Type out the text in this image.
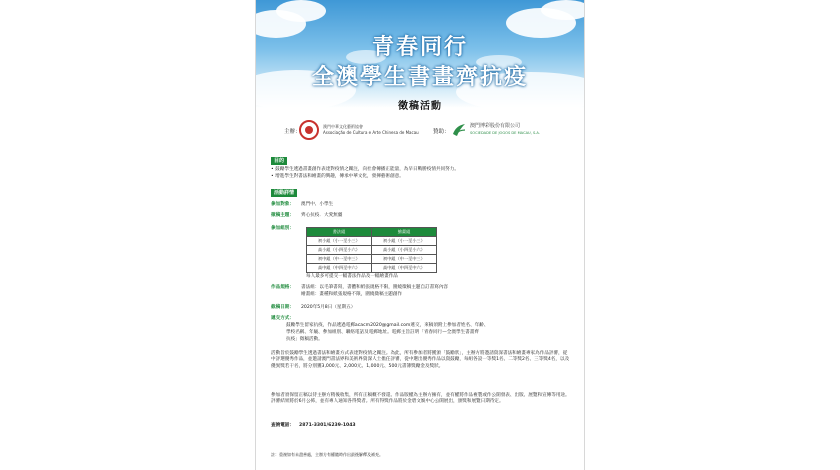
青春同行
全澳學生書畫齊抗疫
徵稿活動
主辦：
澳門中華文化藝術協會
Associação de Cultura e Arte Chinesa de Macau	贊助：
澳門博彩股份有限公司
SOCIEDADE DE JOGOS DE MACAU, S.A.
目的
• 鼓勵學生透過書畫創作表達對疫情之關注，向社會傳播正能量，為早日戰勝疫情共同努力。
• 增進學生對書法和繪畫的興趣，傳承中華文化，發揮藝術創意。
活動詳情
參加對象： 澳門中、小學生
徵稿主題： 齊心抗疫．大愛無疆
參加組別：
書法組	繪畫組
初小組（小一至小三）	初小組（小一至小三）
高小組（小四至小六）	高小組（小四至小六）
初中組（中一至中三）	初中組（中一至中三）
高中組（中四至中六）	高中組（中四至中六）
每人最多可提交一幅書法作品及一幅繪畫作品
作品規格： 書法組：以毛筆書寫，書體和紙張規格不限，圍繞徵稿主題自訂書寫內容
繪畫組：畫種和紙張規格不限，圍繞徵稿主題創作
截稿日期： 2020年5月8日（星期五）
遞交方式：
鼓勵學生留家抗疫，作品透過電郵acacm2020@gmail.com遞交，來稿須附上參加者姓名、年齡、
學校名稱、年級、參加組別、聯絡電話及電郵地址。電郵主旨註明「青春同行—全澳學生書畫齊
抗疫」徵稿活動。
活動旨於鼓勵學生透過書法和繪畫方式表達對疫情之關注。為此，所有參加者將獲頒「鼓勵狀」，主辦方將邀請資深書法和繪畫專家為作品評審，從中評選優秀作品，並邀請澳門書法界和美術界資深人士擔任評審，從中選出優秀作品以資鼓勵，每組各設一等獎1名、二等獎2名、三等獎4名，以及優異獎若干名，將分別獲3,000元、2,000元、1,000元、500元書簿獎勵金及獎狀。
參加者須保留正稿以待主辦方稍後收集，所有正稿概不發還。作品版權為主辦方擁有，並有權將作品複製或作公開發表、出版、展覽和宣傳等用途。評審結果將於6月公佈，並有專人通知各得獎者。所有得獎作品將於金碧文娛中心公開展出，頒獎和展覽日期待定。
查詢電話： 2871-3301/6239-1043
註：重複如有未盡善處，主辦方有權隨時作出最後解釋及補充。
